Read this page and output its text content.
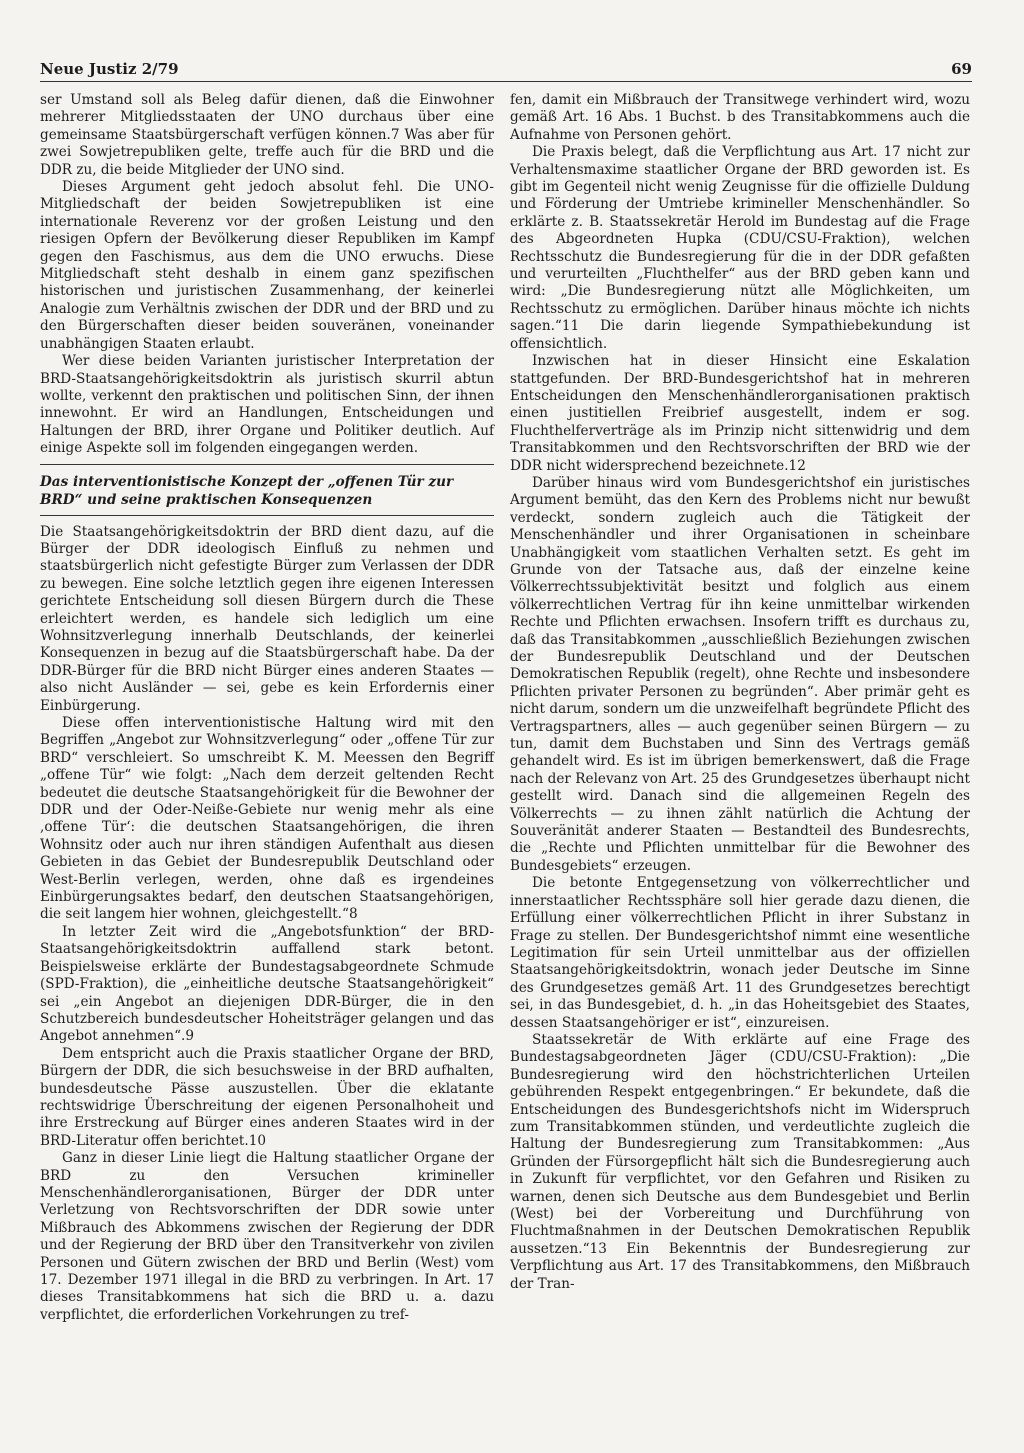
Neue Justiz 2/79	69

ser Umstand soll als Beleg dafür dienen, daß die Einwohner mehrerer Mitgliedsstaaten der UNO durchaus über eine gemeinsame Staatsbürgerschaft verfügen können.7 Was aber für zwei Sowjetrepubliken gelte, treffe auch für die BRD und die DDR zu, die beide Mitglieder der UNO sind.

Dieses Argument geht jedoch absolut fehl. Die UNO-Mitgliedschaft der beiden Sowjetrepubliken ist eine internationale Reverenz vor der großen Leistung und den riesigen Opfern der Bevölkerung dieser Republiken im Kampf gegen den Faschismus, aus dem die UNO erwuchs. Diese Mitgliedschaft steht deshalb in einem ganz spezifischen historischen und juristischen Zusammenhang, der keinerlei Analogie zum Verhältnis zwischen der DDR und der BRD und zu den Bürgerschaften dieser beiden souveränen, voneinander unabhängigen Staaten erlaubt.

Wer diese beiden Varianten juristischer Interpretation der BRD-Staatsangehörigkeitsdoktrin als juristisch skurril abtun wollte, verkennt den praktischen und politischen Sinn, der ihnen innewohnt. Er wird an Handlungen, Entscheidungen und Haltungen der BRD, ihrer Organe und Politiker deutlich. Auf einige Aspekte soll im folgenden eingegangen werden.

Das interventionistische Konzept der „offenen Tür zur BRD“ und seine praktischen Konsequenzen

Die Staatsangehörigkeitsdoktrin der BRD dient dazu, auf die Bürger der DDR ideologisch Einfluß zu nehmen und staatsbürgerlich nicht gefestigte Bürger zum Verlassen der DDR zu bewegen. Eine solche letztlich gegen ihre eigenen Interessen gerichtete Entscheidung soll diesen Bürgern durch die These erleichtert werden, es handele sich lediglich um eine Wohnsitzverlegung innerhalb Deutschlands, der keinerlei Konsequenzen in bezug auf die Staatsbürgerschaft habe. Da der DDR-Bürger für die BRD nicht Bürger eines anderen Staates — also nicht Ausländer — sei, gebe es kein Erfordernis einer Einbürgerung.

Diese offen interventionistische Haltung wird mit den Begriffen „Angebot zur Wohnsitzverlegung“ oder „offene Tür zur BRD“ verschleiert. So umschreibt K. M. Meessen den Begriff „offene Tür“ wie folgt: „Nach dem derzeit geltenden Recht bedeutet die deutsche Staatsangehörigkeit für die Bewohner der DDR und der Oder-Neiße-Gebiete nur wenig mehr als eine ,offene Tür‘: die deutschen Staatsangehörigen, die ihren Wohnsitz oder auch nur ihren ständigen Aufenthalt aus diesen Gebieten in das Gebiet der Bundesrepublik Deutschland oder West-Berlin verlegen, werden, ohne daß es irgendeines Einbürgerungsaktes bedarf, den deutschen Staatsangehörigen, die seit langem hier wohnen, gleichgestellt.“8

In letzter Zeit wird die „Angebotsfunktion“ der BRD-Staatsangehörigkeitsdoktrin auffallend stark betont. Beispielsweise erklärte der Bundestagsabgeordnete Schmude (SPD-Fraktion), die „einheitliche deutsche Staatsangehörigkeit“ sei „ein Angebot an diejenigen DDR-Bürger, die in den Schutzbereich bundesdeutscher Hoheitsträger gelangen und das Angebot annehmen“.9

Dem entspricht auch die Praxis staatlicher Organe der BRD, Bürgern der DDR, die sich besuchsweise in der BRD aufhalten, bundesdeutsche Pässe auszustellen. Über die eklatante rechtswidrige Überschreitung der eigenen Personalhoheit und ihre Erstreckung auf Bürger eines anderen Staates wird in der BRD-Literatur offen berichtet.10

Ganz in dieser Linie liegt die Haltung staatlicher Organe der BRD zu den Versuchen krimineller Menschenhändlerorganisationen, Bürger der DDR unter Verletzung von Rechtsvorschriften der DDR sowie unter Mißbrauch des Abkommens zwischen der Regierung der DDR und der Regierung der BRD über den Transitverkehr von zivilen Personen und Gütern zwischen der BRD und Berlin (West) vom 17. Dezember 1971 illegal in die BRD zu verbringen. In Art. 17 dieses Transitabkommens hat sich die BRD u. a. dazu verpflichtet, die erforderlichen Vorkehrungen zu tref-

fen, damit ein Mißbrauch der Transitwege verhindert wird, wozu gemäß Art. 16 Abs. 1 Buchst. b des Transitabkommens auch die Aufnahme von Personen gehört.

Die Praxis belegt, daß die Verpflichtung aus Art. 17 nicht zur Verhaltensmaxime staatlicher Organe der BRD geworden ist. Es gibt im Gegenteil nicht wenig Zeugnisse für die offizielle Duldung und Förderung der Umtriebe krimineller Menschenhändler. So erklärte z. B. Staatssekretär Herold im Bundestag auf die Frage des Abgeordneten Hupka (CDU/CSU-Fraktion), welchen Rechtsschutz die Bundesregierung für die in der DDR gefaßten und verurteilten „Fluchthelfer“ aus der BRD geben kann und wird: „Die Bundesregierung nützt alle Möglichkeiten, um Rechtsschutz zu ermöglichen. Darüber hinaus möchte ich nichts sagen.“11 Die darin liegende Sympathiebekundung ist offensichtlich.

Inzwischen hat in dieser Hinsicht eine Eskalation stattgefunden. Der BRD-Bundesgerichtshof hat in mehreren Entscheidungen den Menschenhändlerorganisationen praktisch einen justitiellen Freibrief ausgestellt, indem er sog. Fluchthelferverträge als im Prinzip nicht sittenwidrig und dem Transitabkommen und den Rechtsvorschriften der BRD wie der DDR nicht widersprechend bezeichnete.12

Darüber hinaus wird vom Bundesgerichtshof ein juristisches Argument bemüht, das den Kern des Problems nicht nur bewußt verdeckt, sondern zugleich auch die Tätigkeit der Menschenhändler und ihrer Organisationen in scheinbare Unabhängigkeit vom staatlichen Verhalten setzt. Es geht im Grunde von der Tatsache aus, daß der einzelne keine Völkerrechtssubjektivität besitzt und folglich aus einem völkerrechtlichen Vertrag für ihn keine unmittelbar wirkenden Rechte und Pflichten erwachsen. Insofern trifft es durchaus zu, daß das Transitabkommen „ausschließlich Beziehungen zwischen der Bundesrepublik Deutschland und der Deutschen Demokratischen Republik (regelt), ohne Rechte und insbesondere Pflichten privater Personen zu begründen“. Aber primär geht es nicht darum, sondern um die unzweifelhaft begründete Pflicht des Vertragspartners, alles — auch gegenüber seinen Bürgern — zu tun, damit dem Buchstaben und Sinn des Vertrags gemäß gehandelt wird. Es ist im übrigen bemerkenswert, daß die Frage nach der Relevanz von Art. 25 des Grundgesetzes überhaupt nicht gestellt wird. Danach sind die allgemeinen Regeln des Völkerrechts — zu ihnen zählt natürlich die Achtung der Souveränität anderer Staaten — Bestandteil des Bundesrechts, die „Rechte und Pflichten unmittelbar für die Bewohner des Bundesgebiets“ erzeugen.

Die betonte Entgegensetzung von völkerrechtlicher und innerstaatlicher Rechtssphäre soll hier gerade dazu dienen, die Erfüllung einer völkerrechtlichen Pflicht in ihrer Substanz in Frage zu stellen. Der Bundesgerichtshof nimmt eine wesentliche Legitimation für sein Urteil unmittelbar aus der offiziellen Staatsangehörigkeitsdoktrin, wonach jeder Deutsche im Sinne des Grundgesetzes gemäß Art. 11 des Grundgesetzes berechtigt sei, in das Bundesgebiet, d. h. „in das Hoheitsgebiet des Staates, dessen Staatsangehöriger er ist“, einzureisen.

Staatssekretär de With erklärte auf eine Frage des Bundestagsabgeordneten Jäger (CDU/CSU-Fraktion): „Die Bundesregierung wird den höchstrichterlichen Urteilen gebührenden Respekt entgegenbringen.“ Er bekundete, daß die Entscheidungen des Bundesgerichtshofs nicht im Widerspruch zum Transitabkommen stünden, und verdeutlichte zugleich die Haltung der Bundesregierung zum Transitabkommen: „Aus Gründen der Fürsorgepflicht hält sich die Bundesregierung auch in Zukunft für verpflichtet, vor den Gefahren und Risiken zu warnen, denen sich Deutsche aus dem Bundesgebiet und Berlin (West) bei der Vorbereitung und Durchführung von Fluchtmaßnahmen in der Deutschen Demokratischen Republik aussetzen.“13 Ein Bekenntnis der Bundesregierung zur Verpflichtung aus Art. 17 des Transitabkommens, den Mißbrauch der Tran-
